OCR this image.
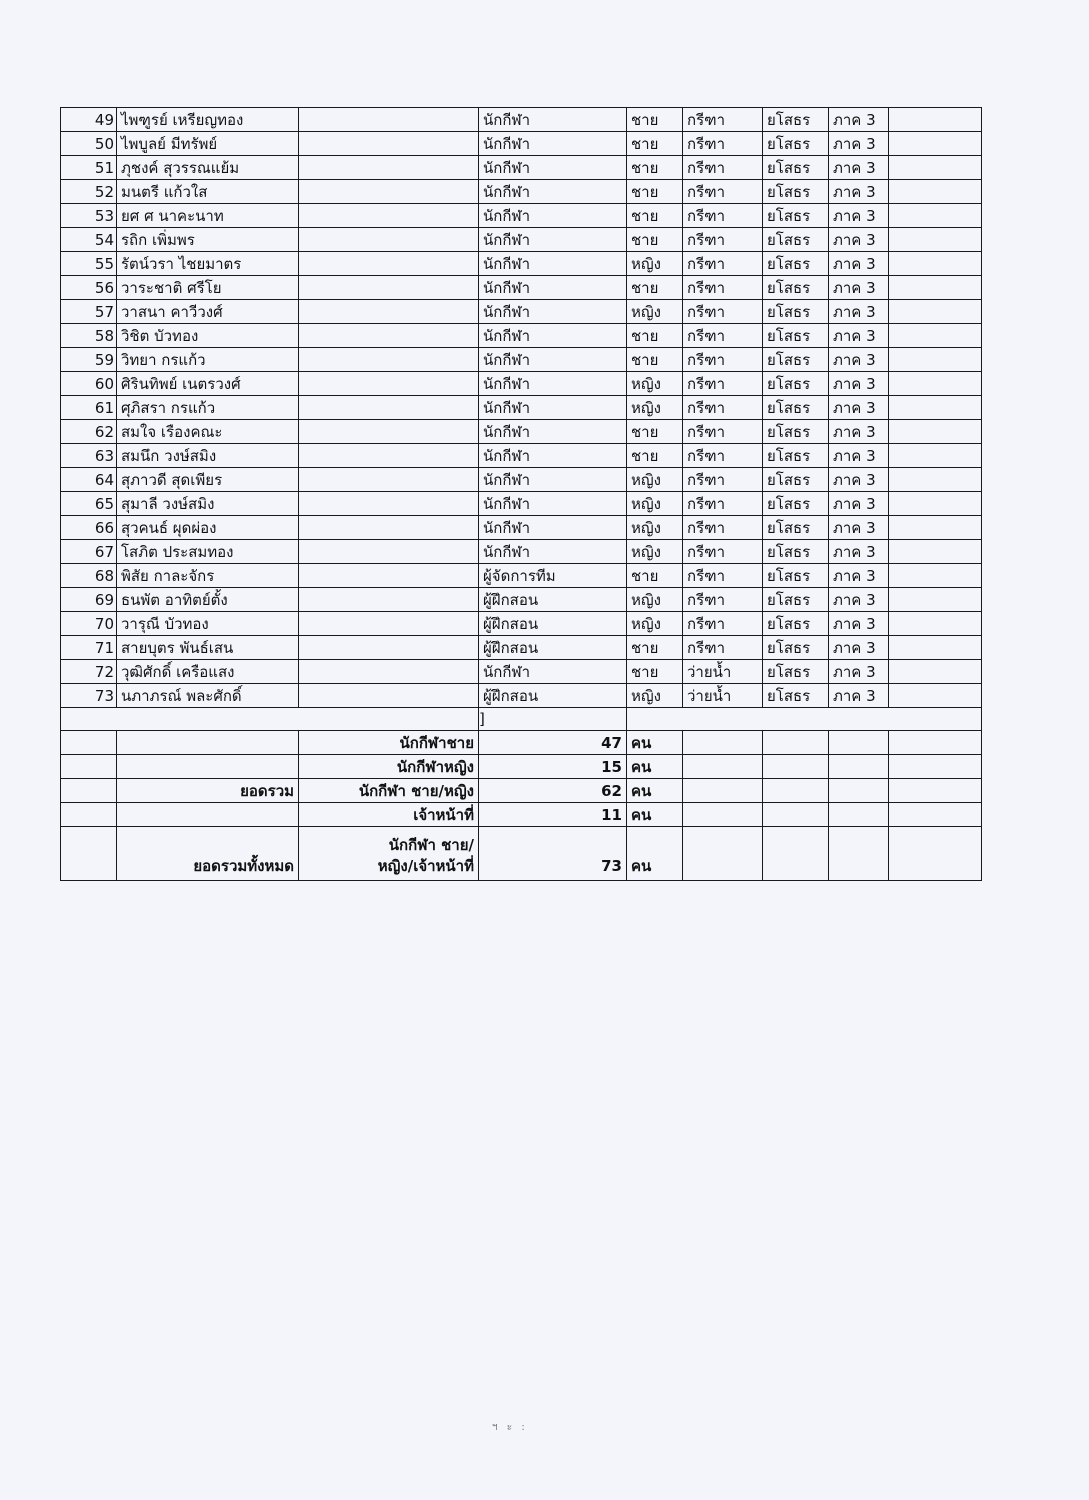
49	ไพฑูรย์ เหรียญทอง		นักกีฬา	ชาย	กรีฑา	ยโสธร	ภาค 3	
50	ไพบูลย์ มีทรัพย์		นักกีฬา	ชาย	กรีฑา	ยโสธร	ภาค 3	
51	ภุชงค์ สุวรรณแย้ม		นักกีฬา	ชาย	กรีฑา	ยโสธร	ภาค 3	
52	มนตรี แก้วใส		นักกีฬา	ชาย	กรีฑา	ยโสธร	ภาค 3	
53	ยศ ศ นาคะนาท		นักกีฬา	ชาย	กรีฑา	ยโสธร	ภาค 3	
54	รถิก เพิ่มพร		นักกีฬา	ชาย	กรีฑา	ยโสธร	ภาค 3	
55	รัตน์วรา ไชยมาตร		นักกีฬา	หญิง	กรีฑา	ยโสธร	ภาค 3	
56	วาระชาติ ศรีโย		นักกีฬา	ชาย	กรีฑา	ยโสธร	ภาค 3	
57	วาสนา คาวีวงศ์		นักกีฬา	หญิง	กรีฑา	ยโสธร	ภาค 3	
58	วิชิต บัวทอง		นักกีฬา	ชาย	กรีฑา	ยโสธร	ภาค 3	
59	วิทยา กรแก้ว		นักกีฬา	ชาย	กรีฑา	ยโสธร	ภาค 3	
60	ศิรินทิพย์ เนตรวงศ์		นักกีฬา	หญิง	กรีฑา	ยโสธร	ภาค 3	
61	ศุภิสรา กรแก้ว		นักกีฬา	หญิง	กรีฑา	ยโสธร	ภาค 3	
62	สมใจ เรืองคณะ		นักกีฬา	ชาย	กรีฑา	ยโสธร	ภาค 3	
63	สมนึก วงษ์สมิง		นักกีฬา	ชาย	กรีฑา	ยโสธร	ภาค 3	
64	สุภาวดี สุดเพียร		นักกีฬา	หญิง	กรีฑา	ยโสธร	ภาค 3	
65	สุมาลี วงษ์สมิง		นักกีฬา	หญิง	กรีฑา	ยโสธร	ภาค 3	
66	สุวคนธ์ ผุดผ่อง		นักกีฬา	หญิง	กรีฑา	ยโสธร	ภาค 3	
67	โสภิต ประสมทอง		นักกีฬา	หญิง	กรีฑา	ยโสธร	ภาค 3	
68	พิสัย กาละจักร		ผู้จัดการทีม	ชาย	กรีฑา	ยโสธร	ภาค 3	
69	ธนพัต อาทิตย์ตั้ง		ผู้ฝึกสอน	หญิง	กรีฑา	ยโสธร	ภาค 3	
70	วารุณี บัวทอง		ผู้ฝึกสอน	หญิง	กรีฑา	ยโสธร	ภาค 3	
71	สายบุตร พันธ์เสน		ผู้ฝึกสอน	ชาย	กรีฑา	ยโสธร	ภาค 3	
72	วุฒิศักดิ์ เครือแสง		นักกีฬา	ชาย	ว่ายน้ำ	ยโสธร	ภาค 3	
73	นภาภรณ์ พละศักดิ์		ผู้ฝึกสอน	หญิง	ว่ายน้ำ	ยโสธร	ภาค 3	
			]					
		นักกีฬาชาย	47	คน				
		นักกีฬาหญิง	15	คน				
	ยอดรวม	นักกีฬา ชาย/หญิง	62	คน				
		เจ้าหน้าที่	11	คน				
	ยอดรวมทั้งหมด	นักกีฬา ชาย/
หญิง/เจ้าหน้าที่	73	คน				
ฯ ะ :
